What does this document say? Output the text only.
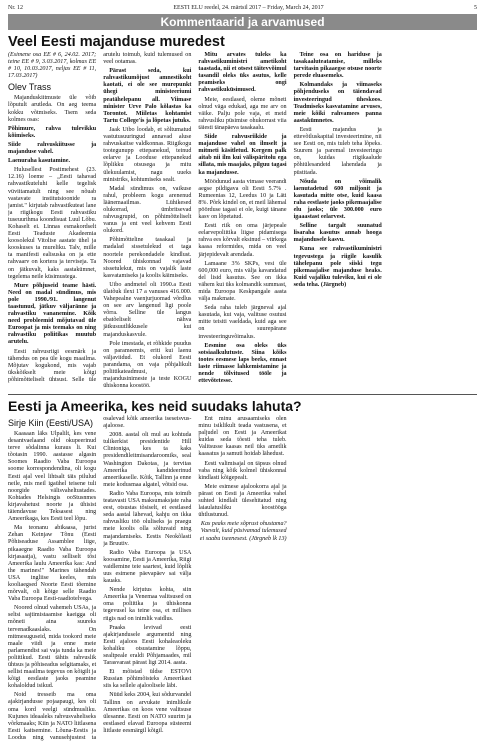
Nr. 12	EESTI ELU reedel, 24. märtsil 2017 – Friday, March 24, 2017	5
Kommentaarid ja arvamused
Veel Eesti majanduse muredest

(Esimene osa EE # 6, 24.02. 2017; teine EE # 9, 3.03.2017, kolmas EE # 10, 10.03.2017, neljas EE # 11, 17.03.2017)

Olev Trass

Majanduskiitmuste üle võib lõputult arutleda. On aeg teema kokku võtmiseks. Tsem seda kolmes osas:

Põhimure, rahva tulevikku kõimiseks.

Siide rahvuskiitusse ja majanduse vahel.

Laenuraha kasutamine.

Hulusellest Postimehest (23. 12.16) loeme – „Eesti tahavad rahvastikuteluhi kelle tegelisk vüviitamatult ning see nõuab vastavate institutsioonide ra jamist." kirjutab rahvastikuteat lane ja riigikogu Eesti rahvastiku tuseuurihma koondisuat Luul Lõbu. Kohaselt ei. Linnas esmakordselt Eesti Teaduste Akadeemia koosolekul Vitolise aastate ühel ja kooskuses ta mureliku. Talv, mille ta manifesti ealisuska on ja ette rahvaarv on kortera ja terviseja. Ta on jätkuvalt, kaks aastakümnet, tegelema neile küsimustega.

Mure põhjuseid teame hästi. Need on madal sündimus, mis pole 1990./91. langenut taastunud, jätkuv väljaränne ja rahvastiku vananemine. Kõik need probleemid mõjutavad üle Euroopat ja mis teemaks on ning rahvastiku poliitikas muutub arutelu.

Eesti rahvusriigi eesmärk ja tähendus on pea üle kogu maailma. Mõjutav kogukond, mis vajab ükskõikselt meie kõigi põhimõtteliselt ühtsust. Selle üle arutelu toimub, kuid tulemused on veel ootamas.

Pärast seda, kui rahvastikumõjust amnestikoht kaotati, ei ole see murepunkt ühegi ministeeriumi peatähelepanu all. Viimase minister Urve Palo kõlastas ka Torontot. Miiletas kohtamist Tartu College'is ja lõpetas jutuks.

Jaak Uibo loodab, et sõltumatud vastutusuuringud annavad aluse rahvuskaitse valdkonnas. Riigikogu tootegunupp ettepanekud, teinud eelarve ja Looduse ettepanekud lõplikku otsusega ja mitu ülekuulamist, nagu uueks ministriks, kohtumiseks sealt.

Madal sündimus on, vaikuse rahul, probleem kogu arenenud läänemaailmas. Lühikesed olukorrad, ümbritsevad rahvusgrupid, on põhimõtteliselt vanus ja ent veel kehvem Eesti olukord.

Põhimõtteline tasakaal ja madalad sissetulekud ei taga noortele perekondadele kindlust. Noored ühiskonnad vajavad sissetulekut, mis on vajalik laste kasvatamiseks ja koolis käimiseks.

Uibo andmetel oli 1990.a Eesti ülatõuk ilexi 17 a vanuses 416.000. Vahepealne vaenjurjuomad võrdlus on see arv langenud ligi poole võrra. Selline üle langus ebatõeliselt nähva jätkusuutlikkusele kui majanduskasvule.

Pole imestada, et rõhkide puudus on parameemis, eriti kui laenu väljaviidud. Et olukord Eesti parandama, on vaja põhjalikult poliitikateadmusi, majandusinimeste ja teste KOGU ühiskonna koostöö.

Mitu arvates tuleks ka rahvastikuministri ametikoht taastada, nii et otsest täitevvõimul tasandil oleks üks asutus, kelle peamiseks ongi rahvastikuküsimused.

Meie, eestlased, oleme mõneti olnud väga edukad, aga me arv on väike. Palju pole vaja, et meid rahvusliku püsimise ohukorrast viia täiesti tänapäeva tasakaalu.

Siide rahvusriikide ja majanduse vahel on ilmselt ja mitmeti käsitletud. Kergem palk aitab nii ilm kui välispäritolu ega sillata, mis maajaks, pilguu tagasi ka majandusse.

Möödunud aasta vimase veerandi aegse pildigava oli Eesti 5.7% . Rumeenias 12, Leedus 10 ja Läti 8%. Põrk kindel on, et meil lähemal pöörduse tagasi ei ole, kuigi tänane kasv on lõpetatud.

Eesti riik on oma järjepeale eelarvepoliitika liigse pidamisega rahva ees kõrvalt eksinud – viirkega kaasa reformides, mida on veel järjepidevalt arendada.

Lamaane 3% SKPs, vesi üle 600,000 euro, mis välja kavandatud del lisid kasutus. See on ikka vähem kui üks kolmandik summast, mida Euroopa Keskpangale aasta välja makmate.

Seda raha tuleb järgneval ajal kasutada, kui vaja, valituse osutusi mitte teisiti vaeldada, kuid aga see on suurepärane investeeringuvõimalus.

Eesmine osa oleks üks sotsiaalkulutuste. Siina kõiks tootes eesmese laps beeks, ennast laste riimasse lahkemistamine ja nende tõlvitused tööle ja ettevõtetesse.

Teine osa on hariduse ja tasakaaluteatamise, milleks tarvitasin pikaaegse otsuse noorte perede eluasemeks.

Kolmandaks ja viimaseks põhjenduseks on täiendavad investeeringud üheskoos. Teadmiseks kasvatamine arvuses, meie kõiki rahvamees panna aastakümnetes.

Eesti majandus ja ettevõtluskapital investeerimine, nii see Eesti on, mis tuleb teha lõpeks. Suurem ja paremal investeeringu on, kuidas riigikaalude põhiülesandeid lahendada ja püstitada.

Nõuda on võimalik laenutadetud 600 miljonit ja kasutada mitte otse, kuid kaasa raha eestlaste jaoks pikemaajalise elu jaoks; üle 300.000 euro igaaastast eelarvest.

Selline targalt suunatud lisaraha kasutus annab hooga majandusele kasvu.

Kuna see rahvastikuministri tegevustega ja riigile kasulik tähelepanu pole siiski tegu pikemaajalise majanduse heaks. Kuid vajaliku tuleviku, kui ei ole seda teha. (Järgneb)

Eesti ja Ameerika, kes neid suudaks lahuta?

Sirje Kiin (Eesti/USA)

Kaasaan läks Ulpalilt, kes vene desantvaelaand olid okupeerinud terve sõdalinna kuraus li. Kui tõotasin 1990. aastasse algasin Soomes Raadio Vaba Euroopa soome korrespondendina, oli kogu Eesti ajal veel lihtsalt täis pilulud neile, mis meil igaühel teisene tuli noorgide välisvaheltustades. Kohtades Helsingis ooStusnmes kirjavahetust noorte ja ühisist täiendavuse Teksasest ning Ameerikaga, kes Eesti teel lõpu.

Ma teonanu abikaasa, jurist Zehan Keinjaw Tõnu (Eesti Põhiseaduse Assamblee liige, pikaaegne Raadio Vaba Euroopa kirjasaatja), vastu selliselt tõsi Ameerika laulu Ameerika kas: And the marines!" Marines tähendab USA ingliise keeles, mis kooliaegsed Noorte Eesti tõemine mõrvalt, oli kõige selle Raadio Vaba Euroopa Eesti-raadiotelvega.

Noored olnud vahemeh USAs, ja seltsi sajtimistaamise kaeigga oli mõneti aina suureks tervenadkaaslaks. On mitmesuguseid, mida tookord meie maale viidi ja enne meie parlamendist sai vaja tunda ka meie poliitikud. Eesti tähtis rahvuslik ühtsus ja põhiseadus selgitamaks, et sellist maailma tegevus on kõigilt ja kõigi eestlaste jaoks peamine kohaloldud isikud.

Noid tresseib ma oma ajakirjandusse pojaapaugi, kes oli oma kord veelgi sündmusliku. Kujunes ideaaleks rahvusvaheliseks võrkmaaks; Kiin ja NATO liitlasena Eesti kaitsemine. Lõuna-Eestis ja Loodus ning vanusehjustest ta osalevad kõik ameerika iseseisvus-ajaloose.

2008. aastal oli mul au kohtuda tulikerkist presidentide Hill Clintoniga, kes ta kaks presidendileitmisandaroomiks, seal Washington Dakotas, ja tervitas Ameerika kandideerinud ameerikaselle. Kõik, Tallinn ja enne meie kodusmaa algatel, võtsid osa.

Radio Vaba Euroopa, mis toimib teatavasti USA maksumaksjate raha eest, otsustas tõsiselt, et eestlased seda aastal lähevad, kahju on ikka rahvusliku töö oluliseks ja praegu meie koolis olla sõltuvaid ning majandamiseks. Eestis Neokõlasti ja Bruutiv.

Radio Vaba Euroopa ja USA koosamine, Eesti ja Ameerika, Riigi vaidlemine teie saartest, kuid lõplik uus esimene päevapäev sai välja kauaks.

Nende kirjutus kohta, siin Ameerika ja Venemaa valitsused on oma poliitika ja ühiskonna tegevusel ka teine osa, et millises riigis nad on inimlik vaidlus.

Praaks levivad eesti ajakirjandusele argumentid ning Eesti ajaloos Eesti kohaleaoleku kohaliku otsustamine lõppu, sealtpeale eraldi Põhjamaades, mil Tarasvarast pärast ligi 2014. aasta.

Ei mõistad üldse ESTOVi Russian põhimõisteks Ameerikast siis ka sellele ajaloolisele läbi.

Nüüd keks 2004, kui sõdurvandel Tallinn on arvukate inimlikule Ameerikas on koos vene valitsuse ülesanne. Eesti on NATO suurim ja eestlased elavad Euroopa süsteemi liitlaste eesmärgil kõigil.

Ent minu arusaamiseks olen minu isiklikult teada vastusena, et paljudel on Eesti ja Ameerikat kuidas seda tõesti teha tuleb. Valitsusse kaasas neil üks ametlik kaasatus ja samuti hoidab lähedust.

Eesti valimisajal on täpsus olnud vaba ning kõik kolmel ühiskonnal kindlasti kõigepealt.

Meie esimese ajalookorra ajal ja pärast on Eesti ja Ameerika vahel suhted kindlalt ülesehitatud ning laiaulatusliku koostööga ühtlustunud.

Kas peaks meie sõprust ohustama? Vaevalt, kuid püsivamad tulemused ei saabu iseenesest. (Järgneb lk 13)
